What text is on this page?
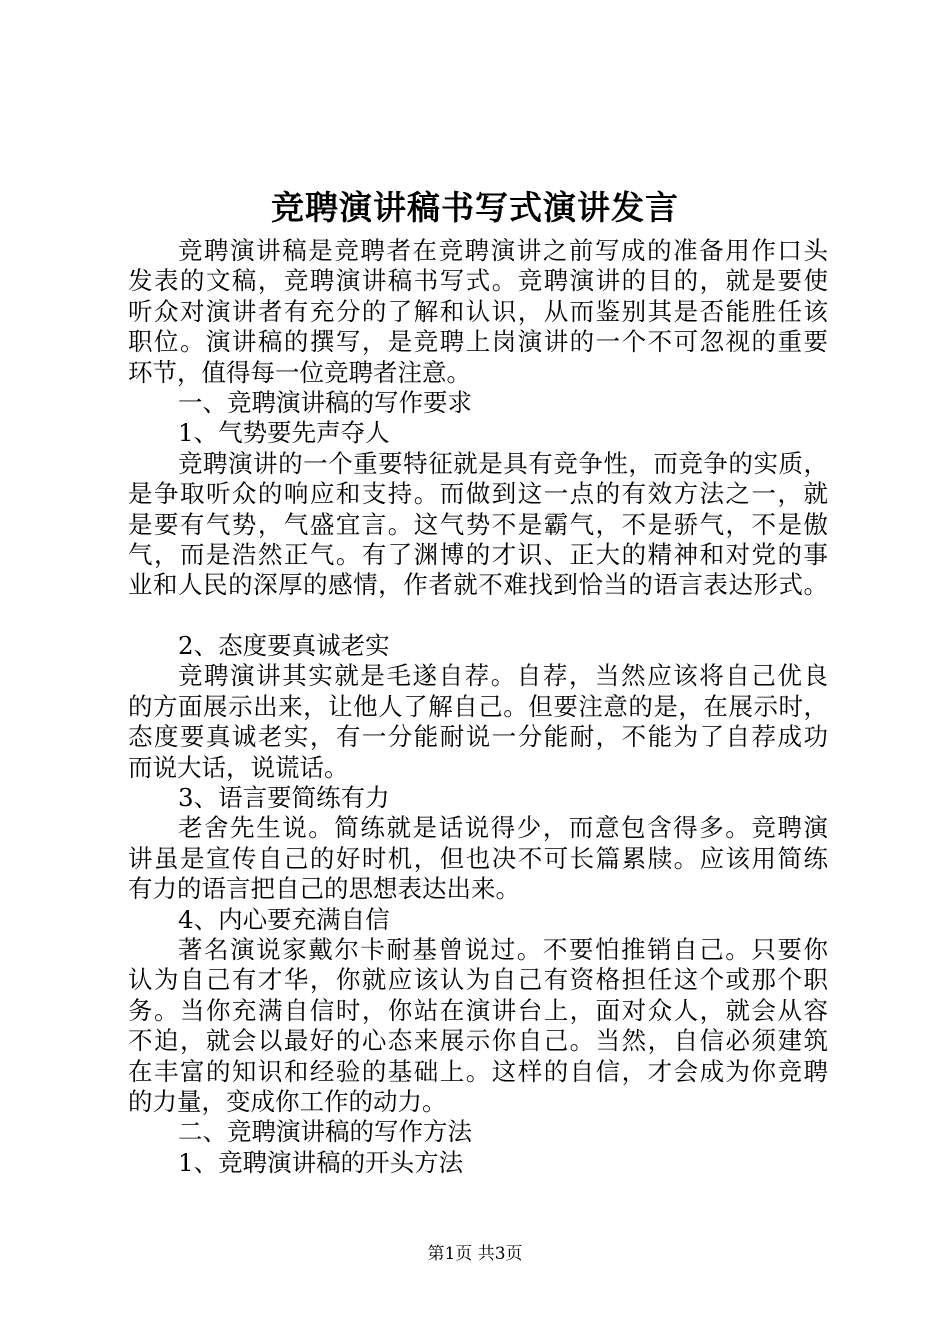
竞聘演讲稿书写式演讲发言
竞聘演讲稿是竞聘者在竞聘演讲之前写成的准备用作口头
发表的文稿，竞聘演讲稿书写式。竞聘演讲的目的，就是要使
听众对演讲者有充分的了解和认识，从而鉴别其是否能胜任该
职位。演讲稿的撰写，是竞聘上岗演讲的一个不可忽视的重要
环节，值得每一位竞聘者注意。
一、竞聘演讲稿的写作要求
1、气势要先声夺人
竞聘演讲的一个重要特征就是具有竞争性，而竞争的实质，
是争取听众的响应和支持。而做到这一点的有效方法之一，就
是要有气势，气盛宜言。这气势不是霸气，不是骄气，不是傲
气，而是浩然正气。有了渊博的才识、正大的精神和对党的事
业和人民的深厚的感情，作者就不难找到恰当的语言表达形式。
2、态度要真诚老实
竞聘演讲其实就是毛遂自荐。自荐，当然应该将自己优良
的方面展示出来，让他人了解自己。但要注意的是，在展示时，
态度要真诚老实，有一分能耐说一分能耐，不能为了自荐成功
而说大话，说谎话。
3、语言要简练有力
老舍先生说。简练就是话说得少，而意包含得多。竞聘演
讲虽是宣传自己的好时机，但也决不可长篇累牍。应该用简练
有力的语言把自己的思想表达出来。
4、内心要充满自信
著名演说家戴尔卡耐基曾说过。不要怕推销自己。只要你
认为自己有才华，你就应该认为自己有资格担任这个或那个职
务。当你充满自信时，你站在演讲台上，面对众人，就会从容
不迫，就会以最好的心态来展示你自己。当然，自信必须建筑
在丰富的知识和经验的基础上。这样的自信，才会成为你竞聘
的力量，变成你工作的动力。
二、竞聘演讲稿的写作方法
1、竞聘演讲稿的开头方法
第1页 共3页
